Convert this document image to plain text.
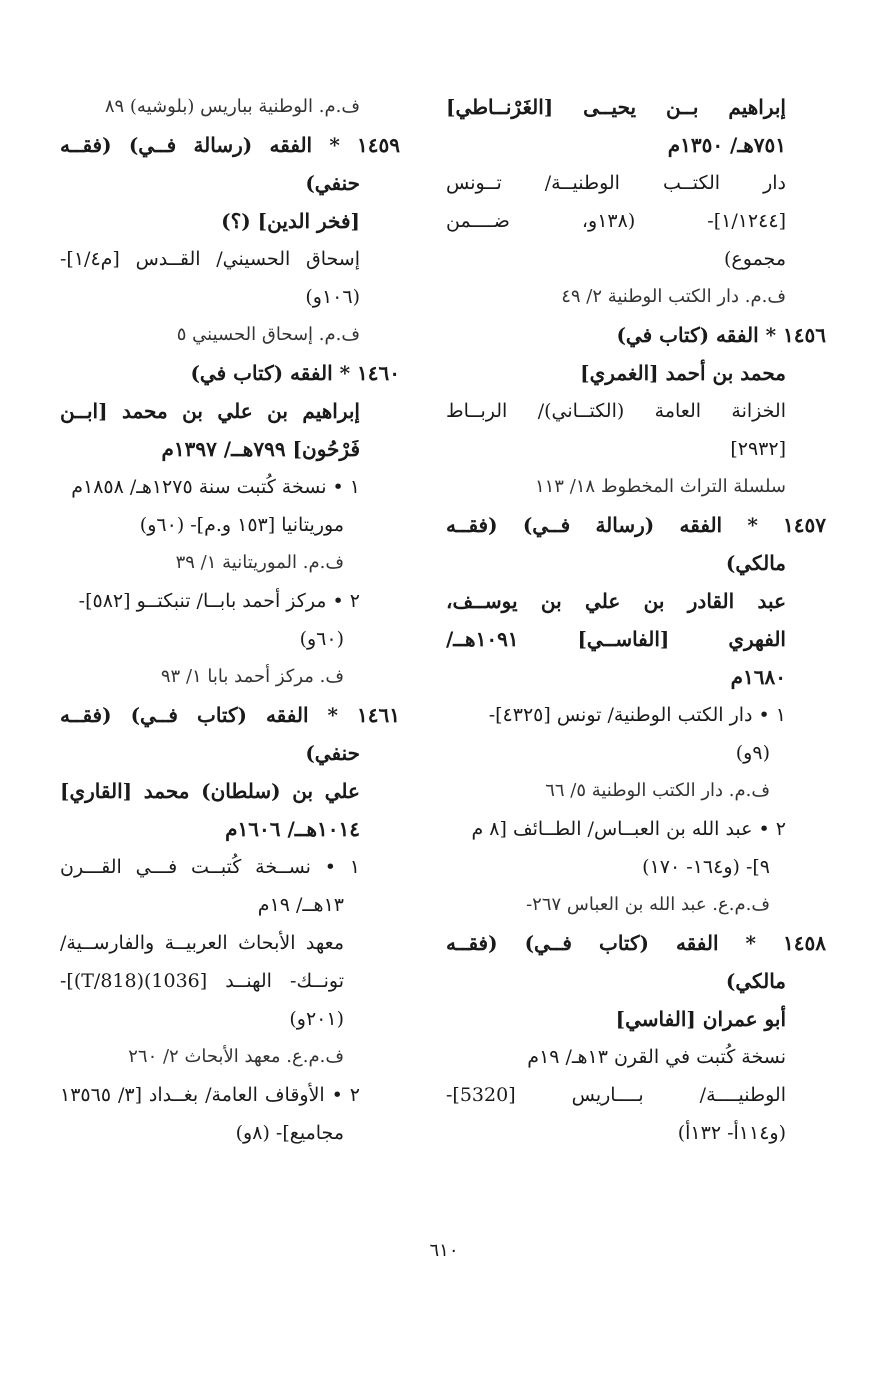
إبراهيم بــن يحيــى [الغَرْنــاطي]

٧٥١هـ/ ١٣٥٠م

دار الكتــب الوطنيــة/ تــونس

[١/١٢٤٤]- (١٣٨و، ضــــمن

مجموع)

ف.م. دار الكتب الوطنية ٢/ ٤٩

١٤٥٦ * الفقه (كتاب في)

محمد بن أحمد [الغمري]

الخزانة العامة (الكتــاني)/ الربــاط

[٢٩٣٢]

سلسلة التراث المخطوط ١٨/ ١١٣

١٤٥٧ * الفقه (رسالة فــي) (فقــه

مالكي)

عبد القادر بن علي بن يوســف،

الفهري [الفاســي] ١٠٩١هــ/

١٦٨٠م

١ • دار الكتب الوطنية/ تونس [٤٣٢٥]-

(٩و)

ف.م. دار الكتب الوطنية ٥/ ٦٦

٢ • عبد الله بن العبــاس/ الطــائف [٨ م

٩]- (و١٦٤- ١٧٠)

ف.م.ع. عبد الله بن العباس ٢٦٧-

١٤٥٨ * الفقه (كتاب فــي) (فقــه

مالكي)

أبو عمران [الفاسي]

نسخة كُتبت في القرن ١٣هـ/ ١٩م

الوطنيــــة/ بــــاريس [5320]-

(و١١٤أ- ١٣٢أ)

ف.م. الوطنية بباريس (بلوشيه) ٨٩

١٤٥٩ * الفقه (رسالة فــي) (فقــه

حنفي)

[فخر الدين] (؟)

إسحاق الحسيني/ القــدس [م١/٤]-

(١٠٦و)

ف.م. إسحاق الحسيني ٥

١٤٦٠ * الفقه (كتاب في)

إبراهيم بن علي بن محمد [ابــن

فَرْحُون] ٧٩٩هــ/ ١٣٩٧م

١ • نسخة كُتبت سنة ١٢٧٥هـ/ ١٨٥٨م

موريتانيا [١٥٣ و.م]- (٦٠و)

ف.م. الموريتانية ١/ ٣٩

٢ • مركز أحمد بابــا/ تنبكتــو [٥٨٢]-

(٦٠و)

ف. مركز أحمد بابا ١/ ٩٣

١٤٦١ * الفقه (كتاب فــي) (فقــه

حنفي)

علي بن (سلطان) محمد [القاري]

١٠١٤هــ/ ١٦٠٦م

١ • نســخة كُتبــت فـــي القـــرن

١٣هــ/ ١٩م

معهد الأبحاث العربيــة والفارســية/

تونــك- الهنــد [1036)(T/818)]-

(٢٠١و)

ف.م.ع. معهد الأبحاث ٢/ ٢٦٠

٢ • الأوقاف العامة/ بغــداد [٣/ ١٣٥٦٥

مجاميع]- (٨و)

٦١٠
